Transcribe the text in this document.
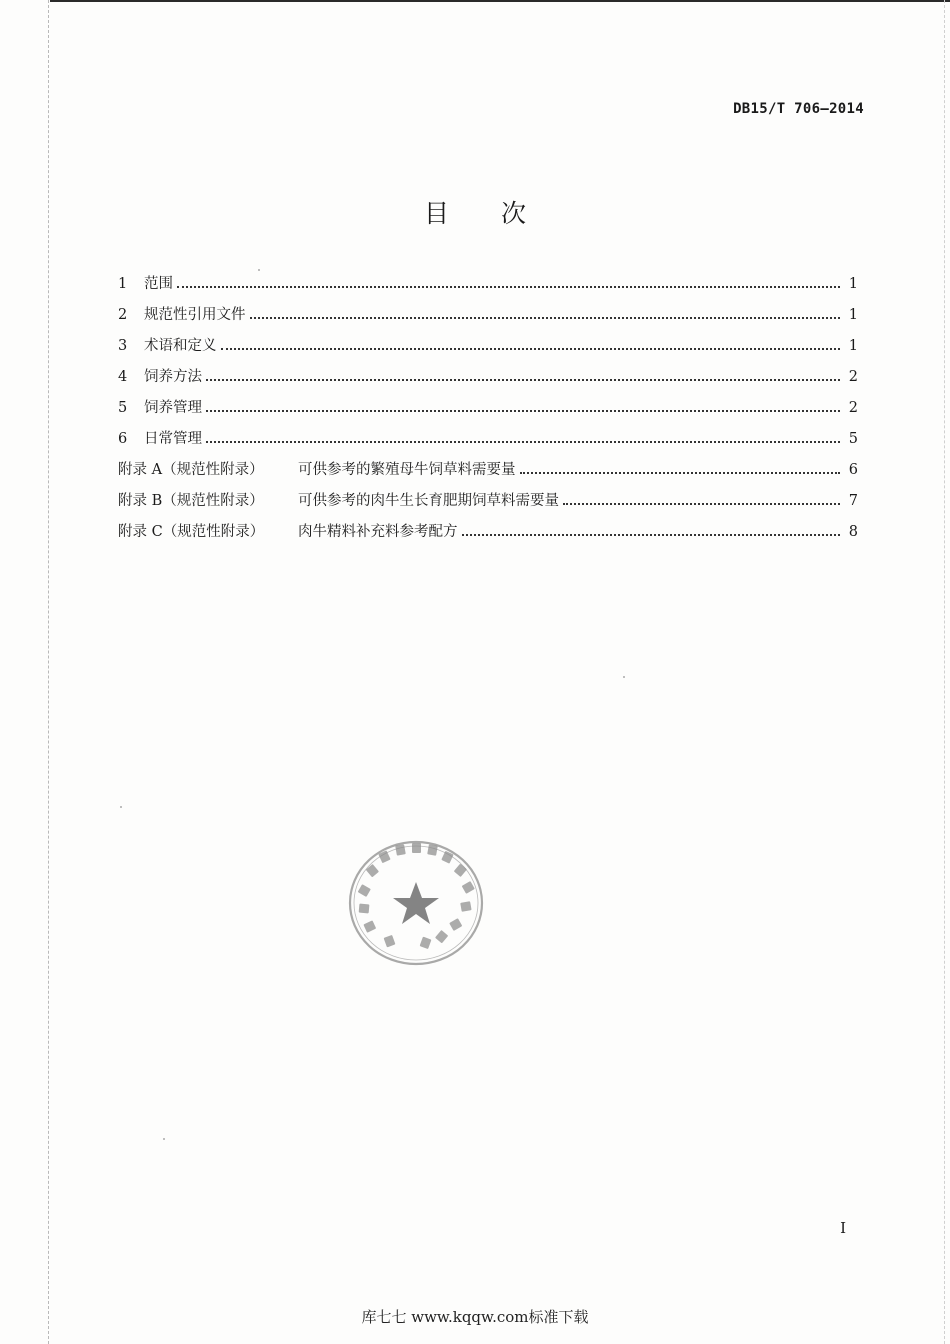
DB15/T 706—2014
目次
1	范围	1
2	规范性引用文件	1
3	术语和定义	1
4	饲养方法	2
5	饲养管理	2
6	日常管理	5
附录 A（规范性附录）	可供参考的繁殖母牛饲草料需要量	6
附录 B（规范性附录）	可供参考的肉牛生长育肥期饲草料需要量	7
附录 C（规范性附录）	肉牛精料补充料参考配方	8
I
库七七 www.kqqw.com标准下载
